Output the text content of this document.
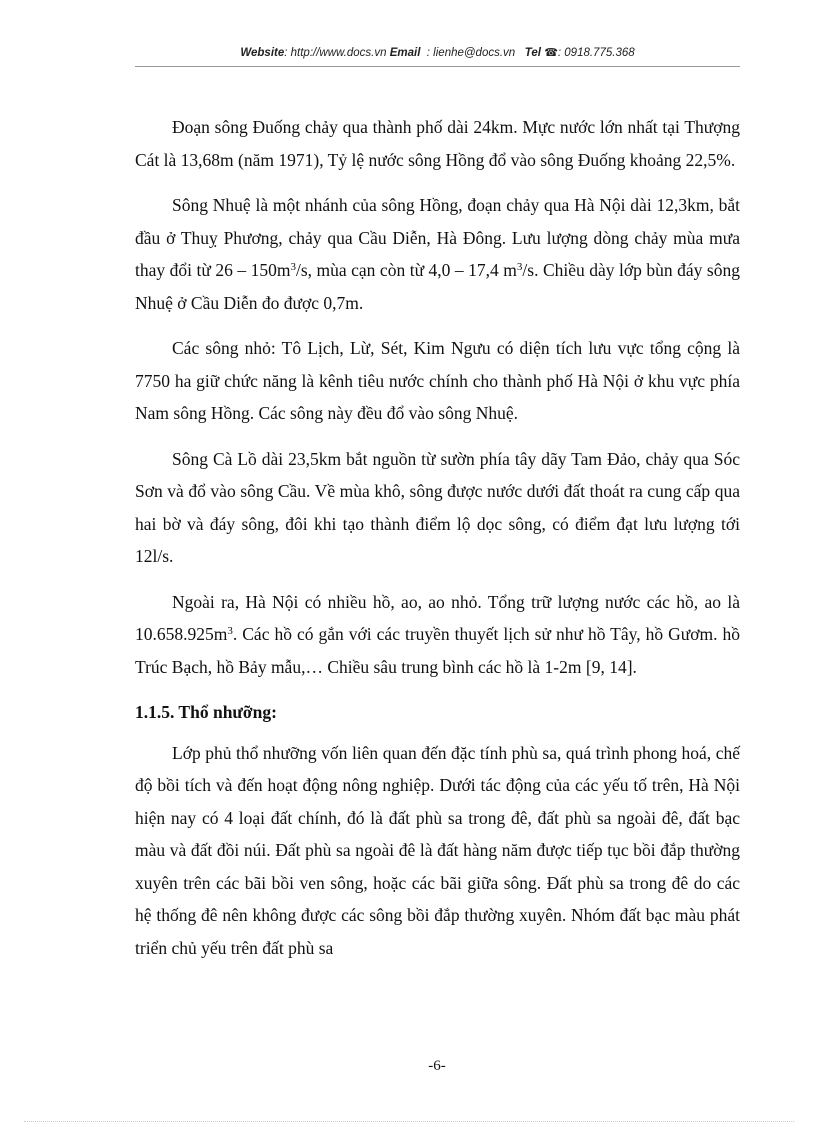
Website: http://www.docs.vn Email : lienhe@docs.vn Tel ☎: 0918.775.368

Đoạn sông Đuống chảy qua thành phố dài 24km. Mực nước lớn nhất tại Thượng Cát là 13,68m (năm 1971), Tỷ lệ nước sông Hồng đổ vào sông Đuống khoảng 22,5%.

Sông Nhuệ là một nhánh của sông Hồng, đoạn chảy qua Hà Nội dài 12,3km, bắt đầu ở Thuỵ Phương, chảy qua Cầu Diễn, Hà Đông. Lưu lượng dòng chảy mùa mưa thay đổi từ $26 - 150m^3/s$, mùa cạn còn từ 4,0 – 17,4 $m^3/s$. Chiều dày lớp bùn đáy sông Nhuệ ở Cầu Diễn đo được 0,7m.

Các sông nhỏ: Tô Lịch, Lừ, Sét, Kim Ngưu có diện tích lưu vực tổng cộng là 7750 ha giữ chức năng là kênh tiêu nước chính cho thành phố Hà Nội ở khu vực phía Nam sông Hồng. Các sông này đều đổ vào sông Nhuệ.

Sông Cà Lồ dài 23,5km bắt nguồn từ sườn phía tây dãy Tam Đảo, chảy qua Sóc Sơn và đổ vào sông Cầu. Về mùa khô, sông được nước dưới đất thoát ra cung cấp qua hai bờ và đáy sông, đôi khi tạo thành điểm lộ dọc sông, có điểm đạt lưu lượng tới 12l/s.

Ngoài ra, Hà Nội có nhiều hồ, ao, ao nhỏ. Tổng trữ lượng nước các hồ, ao là $10.658.925m^3$. Các hồ có gắn với các truyền thuyết lịch sử như hồ Tây, hồ Gươm. hồ Trúc Bạch, hồ Bảy mẫu,… Chiều sâu trung bình các hồ là 1-2m [9, 14].

1.1.5. Thổ nhưỡng:

Lớp phủ thổ nhưỡng vốn liên quan đến đặc tính phù sa, quá trình phong hoá, chế độ bồi tích và đến hoạt động nông nghiệp. Dưới tác động của các yếu tố trên, Hà Nội hiện nay có 4 loại đất chính, đó là đất phù sa trong đê, đất phù sa ngoài đê, đất bạc màu và đất đồi núi. Đất phù sa ngoài đê là đất hàng năm được tiếp tục bồi đắp thường xuyên trên các bãi bồi ven sông, hoặc các bãi giữa sông. Đất phù sa trong đê do các hệ thống đê nên không được các sông bồi đắp thường xuyên. Nhóm đất bạc màu phát triển chủ yếu trên đất phù sa

-6-
